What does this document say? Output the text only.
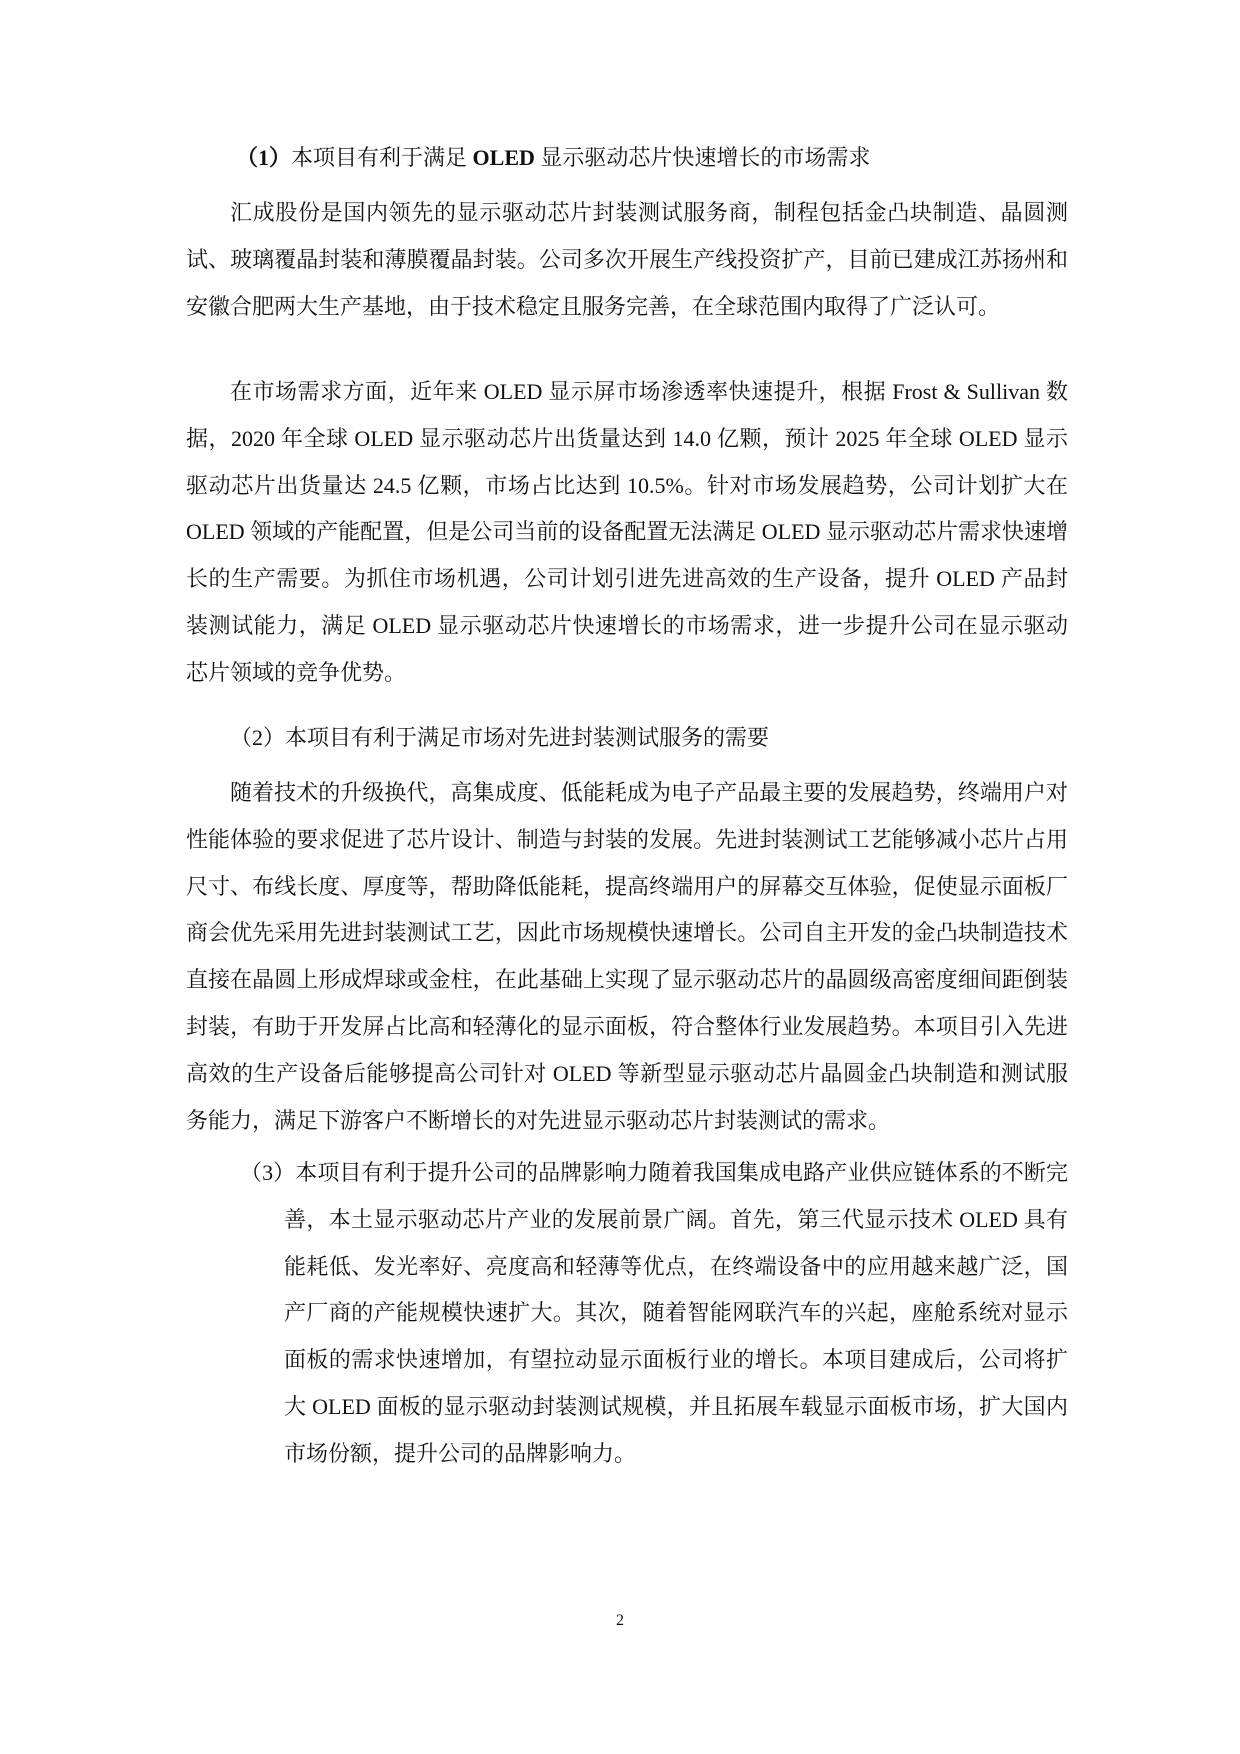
（1）本项目有利于满足 OLED 显示驱动芯片快速增长的市场需求

汇成股份是国内领先的显示驱动芯片封装测试服务商，制程包括金凸块制造、晶圆测试、玻璃覆晶封装和薄膜覆晶封装。公司多次开展生产线投资扩产，目前已建成江苏扬州和安徽合肥两大生产基地，由于技术稳定且服务完善，在全球范围内取得了广泛认可。

在市场需求方面，近年来 OLED 显示屏市场渗透率快速提升，根据 Frost & Sullivan 数据，2020 年全球 OLED 显示驱动芯片出货量达到 14.0 亿颗，预计 2025 年全球 OLED 显示驱动芯片出货量达 24.5 亿颗，市场占比达到 10.5%。针对市场发展趋势，公司计划扩大在 OLED 领域的产能配置，但是公司当前的设备配置无法满足 OLED 显示驱动芯片需求快速增长的生产需要。为抓住市场机遇，公司计划引进先进高效的生产设备，提升 OLED 产品封装测试能力，满足 OLED 显示驱动芯片快速增长的市场需求，进一步提升公司在显示驱动芯片领域的竞争优势。

（2）本项目有利于满足市场对先进封装测试服务的需要

随着技术的升级换代，高集成度、低能耗成为电子产品最主要的发展趋势，终端用户对性能体验的要求促进了芯片设计、制造与封装的发展。先进封装测试工艺能够减小芯片占用尺寸、布线长度、厚度等，帮助降低能耗，提高终端用户的屏幕交互体验，促使显示面板厂商会优先采用先进封装测试工艺，因此市场规模快速增长。公司自主开发的金凸块制造技术直接在晶圆上形成焊球或金柱，在此基础上实现了显示驱动芯片的晶圆级高密度细间距倒装封装，有助于开发屏占比高和轻薄化的显示面板，符合整体行业发展趋势。本项目引入先进高效的生产设备后能够提高公司针对 OLED 等新型显示驱动芯片晶圆金凸块制造和测试服务能力，满足下游客户不断增长的对先进显示驱动芯片封装测试的需求。

（3）本项目有利于提升公司的品牌影响力随着我国集成电路产业供应链体系的不断完善，本土显示驱动芯片产业的发展前景广阔。首先，第三代显示技术 OLED 具有能耗低、发光率好、亮度高和轻薄等优点，在终端设备中的应用越来越广泛，国产厂商的产能规模快速扩大。其次，随着智能网联汽车的兴起，座舱系统对显示面板的需求快速增加，有望拉动显示面板行业的增长。本项目建成后，公司将扩大 OLED 面板的显示驱动封装测试规模，并且拓展车载显示面板市场，扩大国内市场份额，提升公司的品牌影响力。

2
